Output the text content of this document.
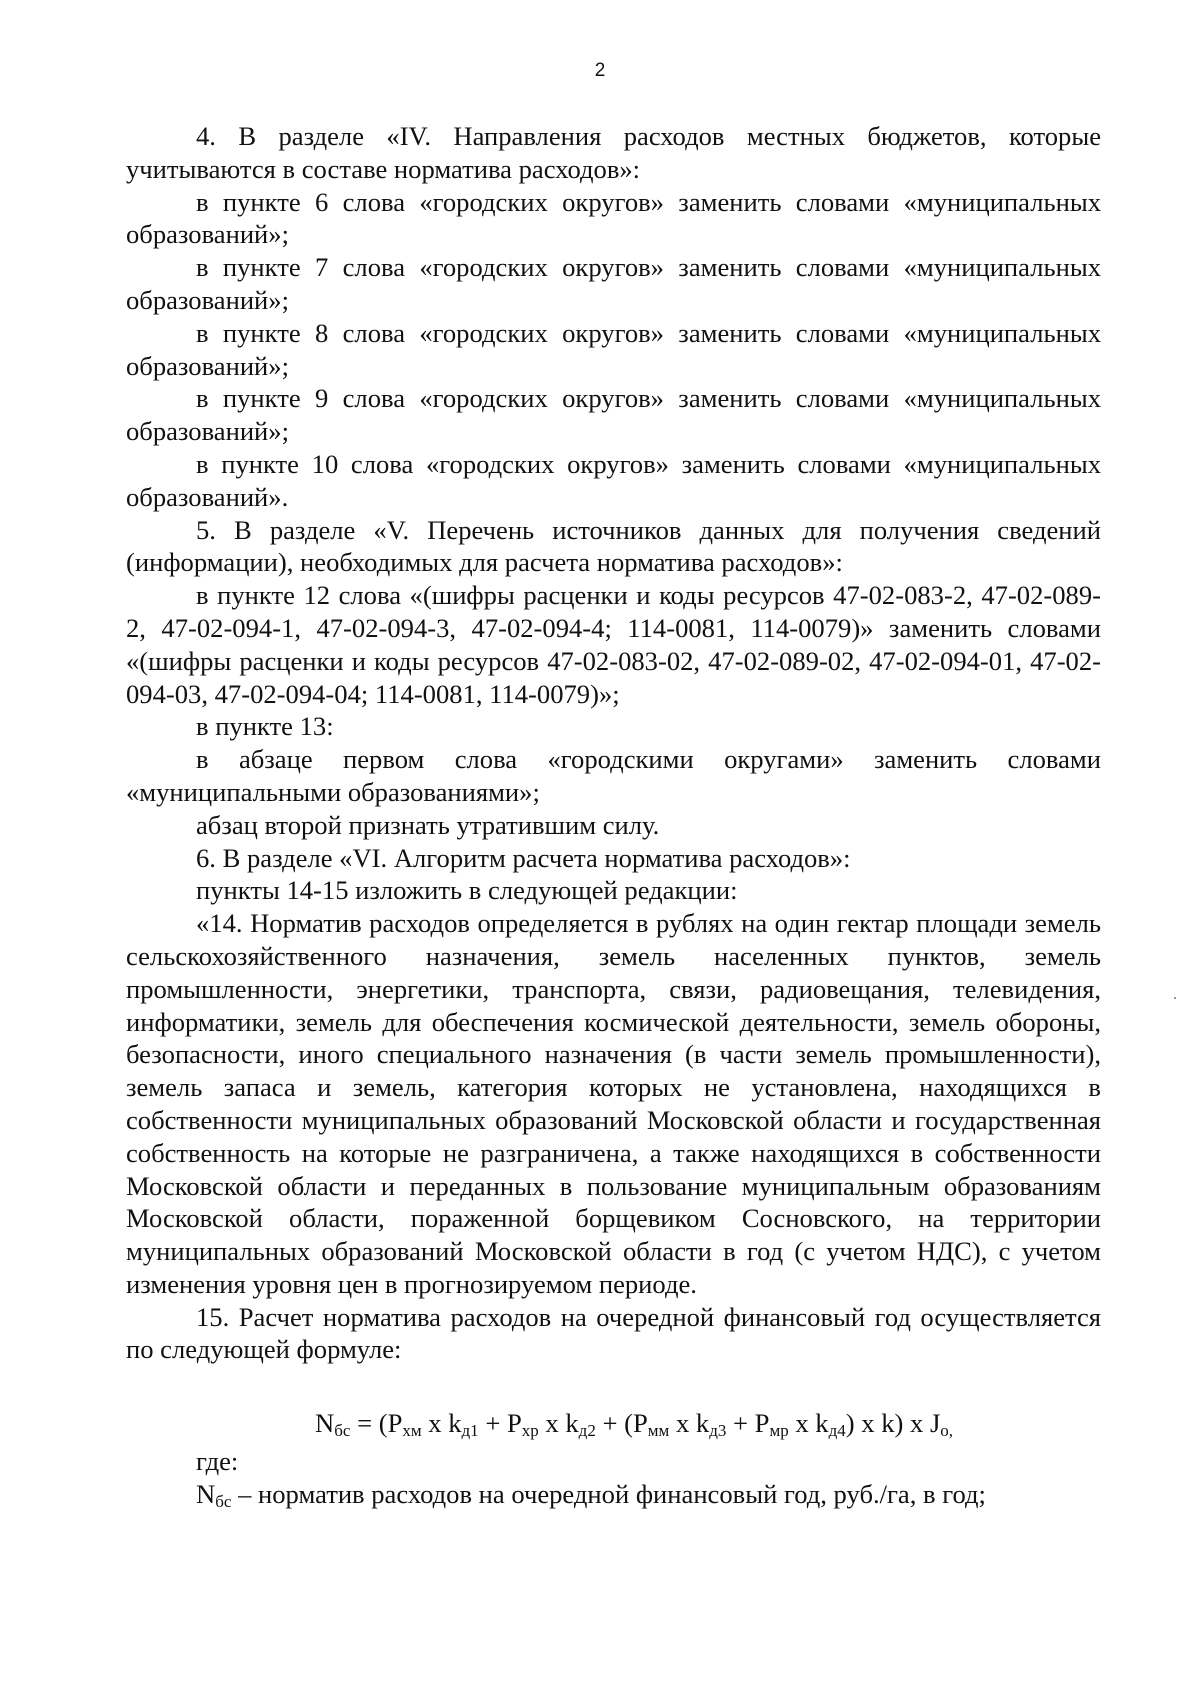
2

4. В разделе «IV. Направления расходов местных бюджетов, которые учитываются в составе норматива расходов»:

в пункте 6 слова «городских округов» заменить словами «муниципальных образований»;

в пункте 7 слова «городских округов» заменить словами «муниципальных образований»;

в пункте 8 слова «городских округов» заменить словами «муниципальных образований»;

в пункте 9 слова «городских округов» заменить словами «муниципальных образований»;

в пункте 10 слова «городских округов» заменить словами «муниципальных образований».

5. В разделе «V. Перечень источников данных для получения сведений (информации), необходимых для расчета норматива расходов»:

в пункте 12 слова «(шифры расценки и коды ресурсов 47-02-083-2, 47-02-089-2, 47-02-094-1, 47-02-094-3, 47-02-094-4; 114-0081, 114-0079)» заменить словами «(шифры расценки и коды ресурсов 47-02-083-02, 47-02-089-02, 47-02-094-01, 47-02-094-03, 47-02-094-04; 114-0081, 114-0079)»;

в пункте 13:

в абзаце первом слова «городскими округами» заменить словами «муниципальными образованиями»;

абзац второй признать утратившим силу.

6. В разделе «VI. Алгоритм расчета норматива расходов»:

пункты 14-15 изложить в следующей редакции:

«14. Норматив расходов определяется в рублях на один гектар площади земель сельскохозяйственного назначения, земель населенных пунктов, земель промышленности, энергетики, транспорта, связи, радиовещания, телевидения, информатики, земель для обеспечения космической деятельности, земель обороны, безопасности, иного специального назначения (в части земель промышленности), земель запаса и земель, категория которых не установлена, находящихся в собственности муниципальных образований Московской области и государственная собственность на которые не разграничена, а также находящихся в собственности Московской области и переданных в пользование муниципальным образованиям Московской области, пораженной борщевиком Сосновского, на территории муниципальных образований Московской области в год (с учетом НДС), с учетом изменения уровня цен в прогнозируемом периоде.

15. Расчет норматива расходов на очередной финансовый год осуществляется по следующей формуле:

$N_{бс} = (P_{хм}$ x $k_{д1} + P_{хр}$ x $k_{д2} + (P_{мм}$ x $k_{д3} + P_{мр}$ x $k_{д4}$) x k) x $J_{о,}$

где:

$N_{бс}$ – норматив расходов на очередной финансовый год, руб./га, в год;
